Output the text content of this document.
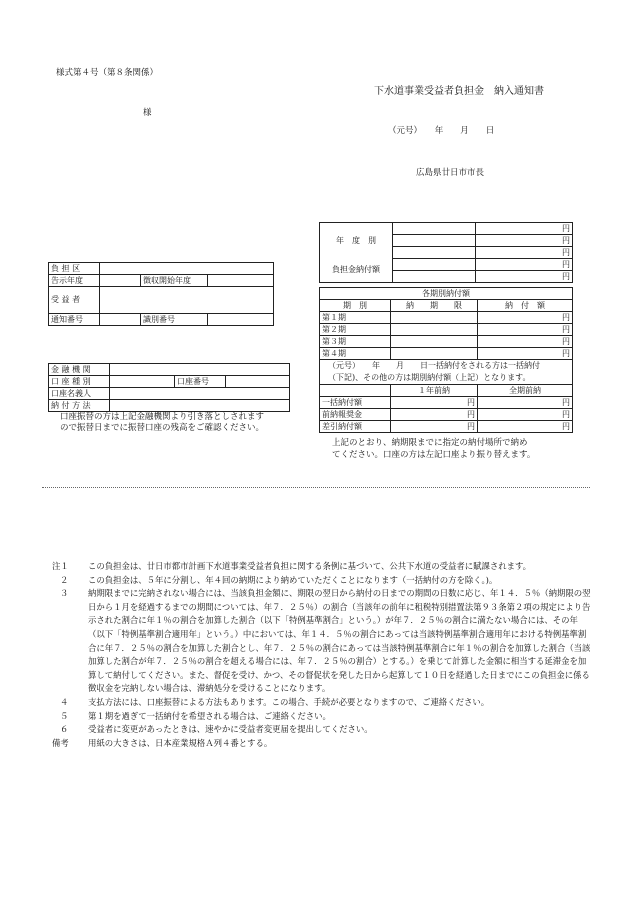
様式第４号（第８条関係）
下水道事業受益者負担金　納入通知書
様
（元号）　　年　　月　　日
広島県廿日市市長
負 担 区			
告示年度		徴収開始年度	
受 益 者			
通知番号		識別番号	
金 融 機 関			
口 座 種 別		口座番号	
口座名義人			
納 付 方 法			
口座振替の方は上記金融機関より引き落としされます
ので振替日までに振替口座の残高をご確認ください。
年　度　別		円
		円
		円
負担金納付額		円
		円
各期別納付額		
期　別	納　　期　　限	納　付　額
第１期		円
第２期		円
第３期		円
第４期		円
（元号）　　年　　月　　日一括納付をされる方は一括納付
（下記)、その他の方は期別納付額（上記）となります。		
	１年前納	全期前納
一括納付額	円	円
前納報奨金	円	円
差引納付額	円	円
上記のとおり、納期限までに指定の納付場所で納め
てください。口座の方は左記口座より振り替えます。
注１	この負担金は、廿日市都市計画下水道事業受益者負担に関する条例に基づいて、公共下水道の受益者に賦課されます。
２	この負担金は、５年に分割し、年４回の納期により納めていただくことになります（一括納付の方を除く。)。
３	納期限までに完納されない場合には、当該負担金額に、期限の翌日から納付の日までの期間の日数に応じ、年１４．５％（納期限の翌日から１月を経過するまでの期間については、年７．２５％）の割合（当該年の前年に租税特別措置法第９３条第２項の規定により告示された割合に年１％の割合を加算した割合（以下「特例基準割合」という。）が年７．２５％の割合に満たない場合には、その年（以下「特例基準割合適用年」という。）中においては、年１４．５％の割合にあっては当該特例基準割合適用年における特例基準割合に年７．２５％の割合を加算した割合とし、年７．２５％の割合にあっては当該特例基準割合に年１％の割合を加算した割合（当該加算した割合が年７．２５％の割合を超える場合には、年７．２５％の割合）とする。）を乗じて計算した金額に相当する延滞金を加算して納付してください。また、督促を受け、かつ、その督促状を発した日から起算して１０日を経過した日までにこの負担金に係る徴収金を完納しない場合は、滞納処分を受けることになります。
４	支払方法には、口座振替による方法もあります。この場合、手続が必要となりますので、ご連絡ください。
５	第１期を過ぎて一括納付を希望される場合は、ご連絡ください。
６	受益者に変更があったときは、速やかに受益者変更届を提出してください。
備考	用紙の大きさは、日本産業規格Ａ列４番とする。
